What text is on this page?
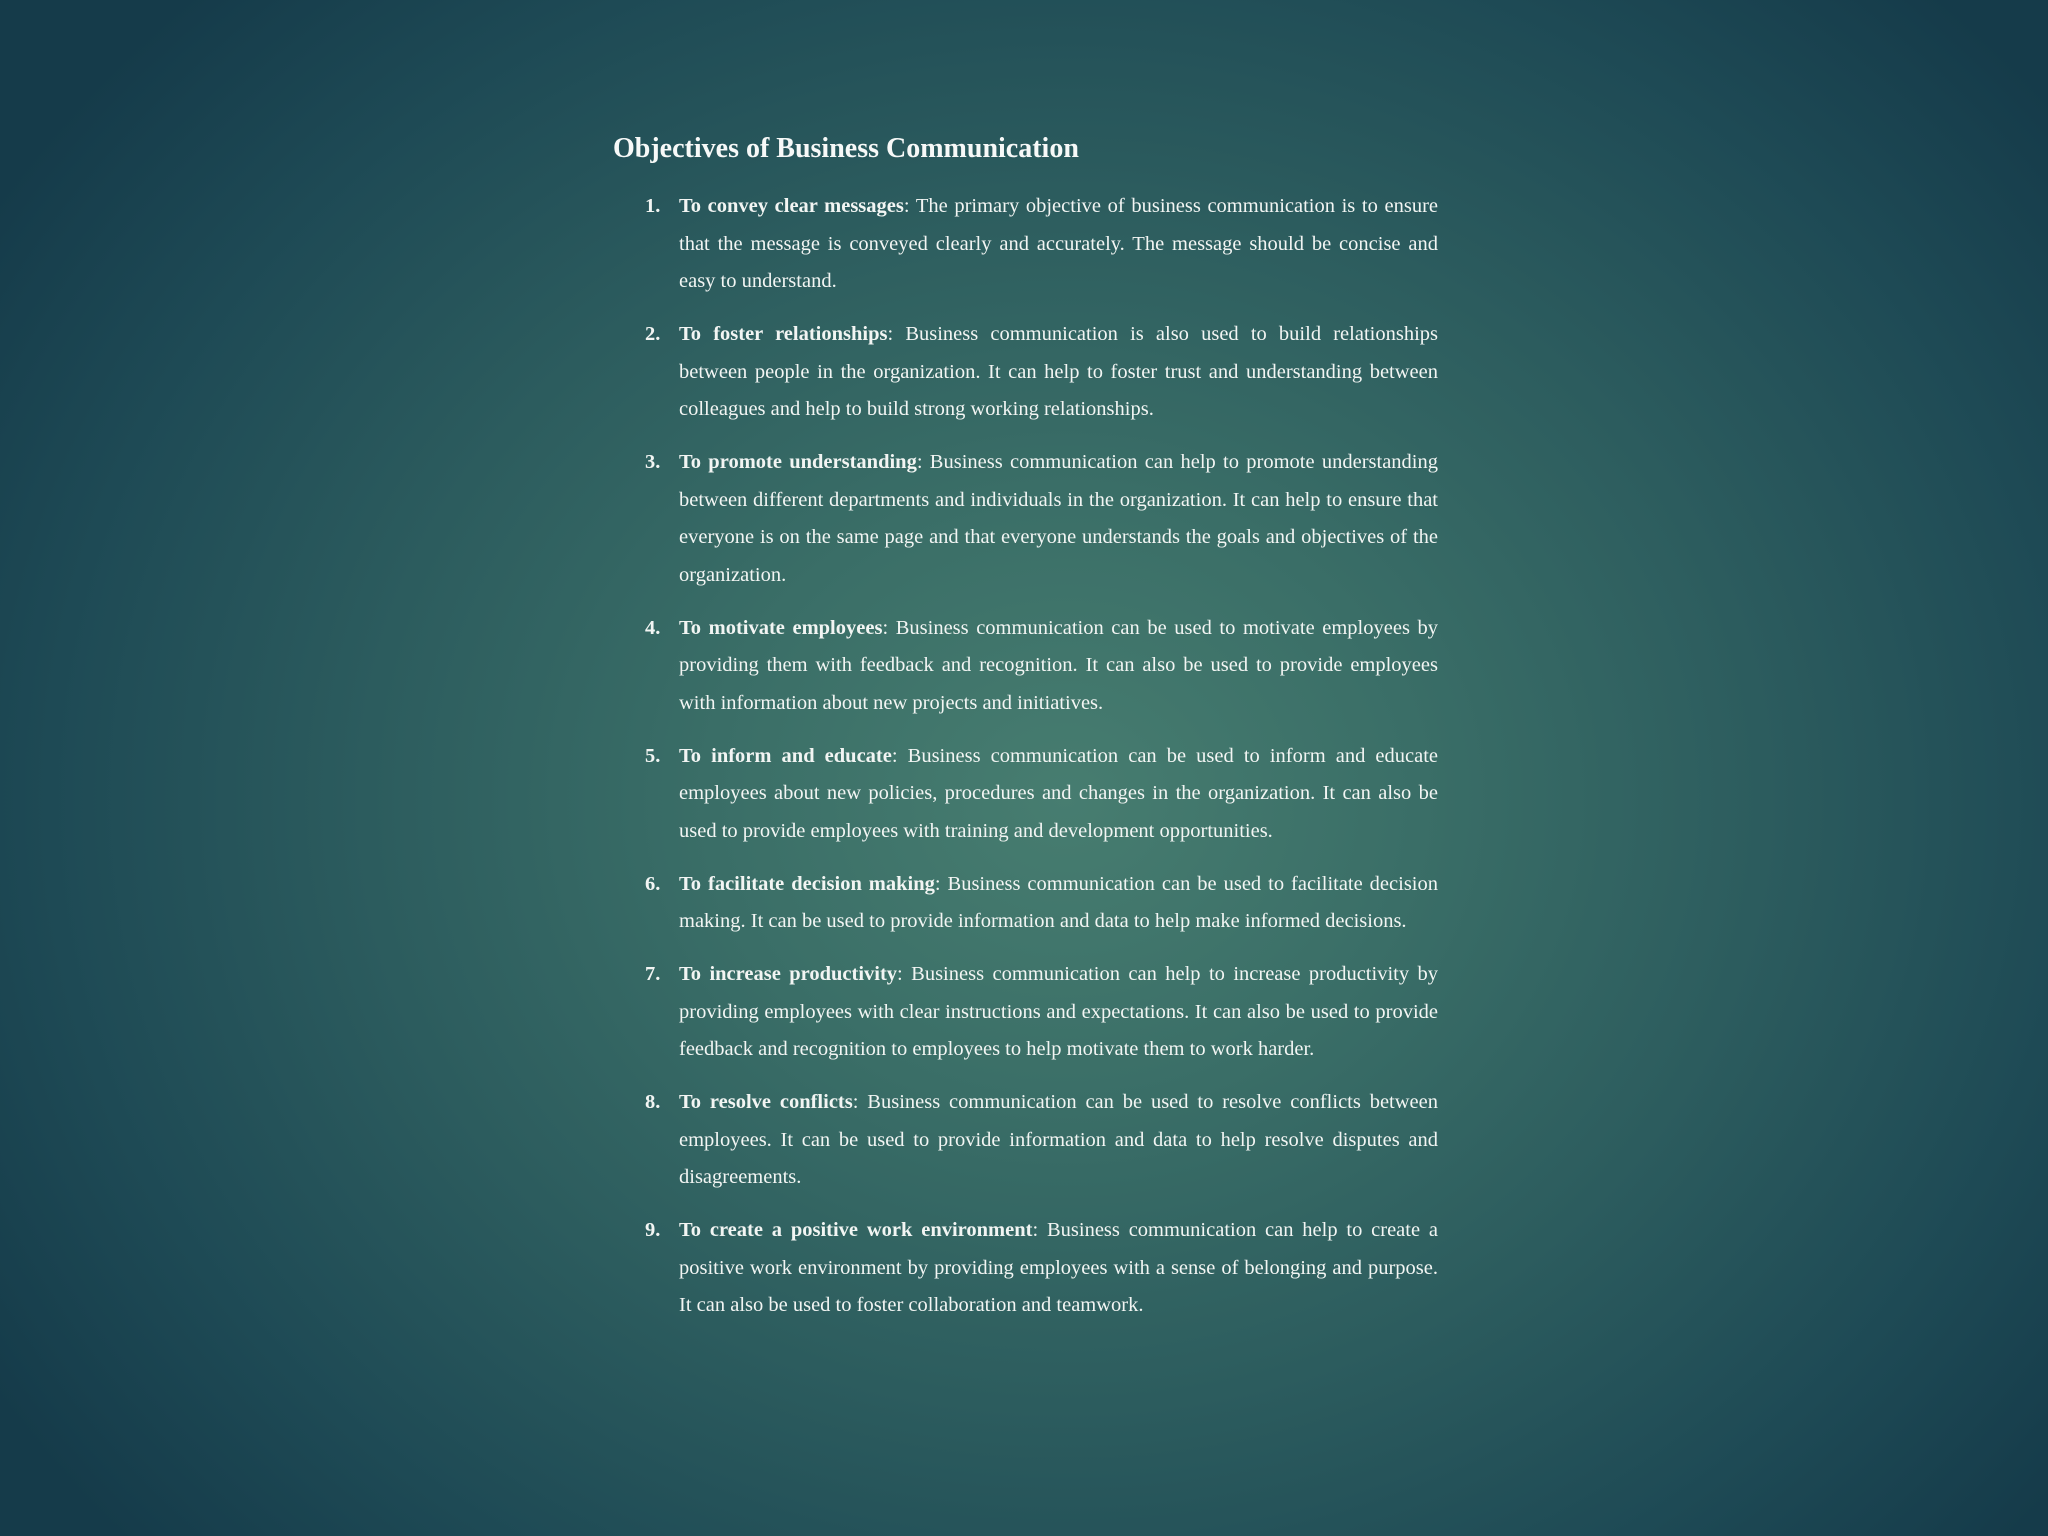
Objectives of Business Communication
1. To convey clear messages: The primary objective of business communication is to ensure that the message is conveyed clearly and accurately. The message should be concise and easy to understand.
2. To foster relationships: Business communication is also used to build relationships between people in the organization. It can help to foster trust and understanding between colleagues and help to build strong working relationships.
3. To promote understanding: Business communication can help to promote understanding between different departments and individuals in the organization. It can help to ensure that everyone is on the same page and that everyone understands the goals and objectives of the organization.
4. To motivate employees: Business communication can be used to motivate employees by providing them with feedback and recognition. It can also be used to provide employees with information about new projects and initiatives.
5. To inform and educate: Business communication can be used to inform and educate employees about new policies, procedures and changes in the organization. It can also be used to provide employees with training and development opportunities.
6. To facilitate decision making: Business communication can be used to facilitate decision making. It can be used to provide information and data to help make informed decisions.
7. To increase productivity: Business communication can help to increase productivity by providing employees with clear instructions and expectations. It can also be used to provide feedback and recognition to employees to help motivate them to work harder.
8. To resolve conflicts: Business communication can be used to resolve conflicts between employees. It can be used to provide information and data to help resolve disputes and disagreements.
9. To create a positive work environment: Business communication can help to create a positive work environment by providing employees with a sense of belonging and purpose. It can also be used to foster collaboration and teamwork.
